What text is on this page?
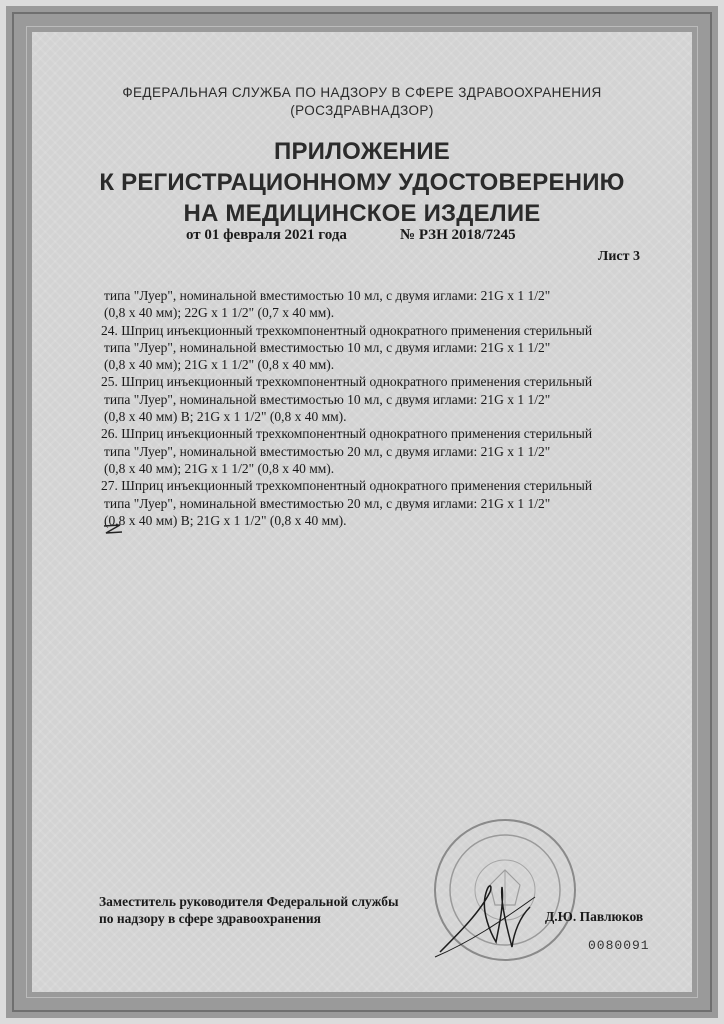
ФЕДЕРАЛЬНАЯ СЛУЖБА ПО НАДЗОРУ В СФЕРЕ ЗДРАВООХРАНЕНИЯ
(РОСЗДРАВНАДЗОР)
ПРИЛОЖЕНИЕ
К РЕГИСТРАЦИОННОМУ УДОСТОВЕРЕНИЮ
НА МЕДИЦИНСКОЕ ИЗДЕЛИЕ
от 01 февраля 2021 года	№ РЗН 2018/7245
Лист 3
типа "Луер", номинальной вместимостью 10 мл, с двумя иглами: 21G x 1 1/2"
(0,8 x 40 мм); 22G x 1 1/2" (0,7 x 40 мм).
24. Шприц инъекционный трехкомпонентный однократного применения стерильный
типа "Луер", номинальной вместимостью 10 мл, с двумя иглами: 21G x 1 1/2"
(0,8 x 40 мм); 21G x 1 1/2" (0,8 x 40 мм).
25. Шприц инъекционный трехкомпонентный однократного применения стерильный
типа "Луер", номинальной вместимостью 10 мл, с двумя иглами: 21G x 1 1/2"
(0,8 x 40 мм) В; 21G x 1 1/2" (0,8 x 40 мм).
26. Шприц инъекционный трехкомпонентный однократного применения стерильный
типа "Луер", номинальной вместимостью 20 мл, с двумя иглами: 21G x 1 1/2"
(0,8 x 40 мм); 21G x 1 1/2" (0,8 x 40 мм).
27. Шприц инъекционный трехкомпонентный однократного применения стерильный
типа "Луер", номинальной вместимостью 20 мл, с двумя иглами: 21G x 1 1/2"
(0,8 x 40 мм) В; 21G x 1 1/2" (0,8 x 40 мм).
Заместитель руководителя Федеральной службы
по надзору в сфере здравоохранения	Д.Ю. Павлюков
0080091
